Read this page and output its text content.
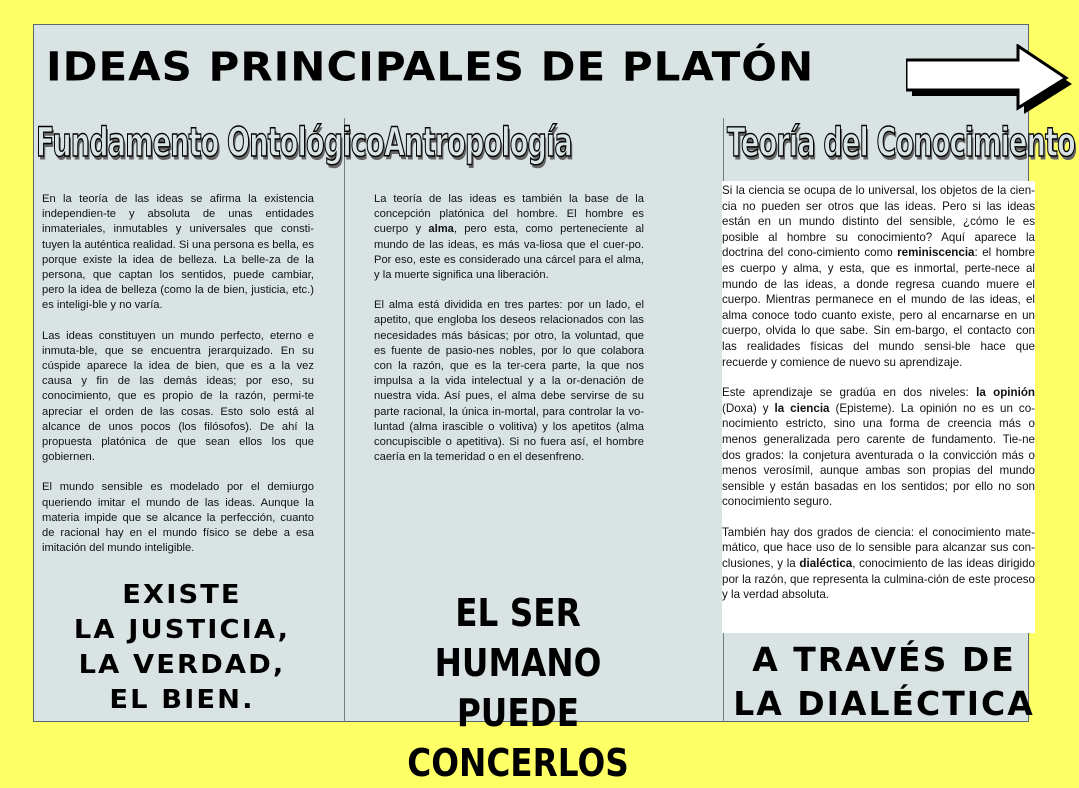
IDEAS PRINCIPALES DE PLATÓN
Fundamento Ontológico

En la teoría de las ideas se afirma la existencia independien-te y absoluta de unas entidades inmateriales, inmutables y universales que consti-tuyen la auténtica realidad. Si una persona es bella, es porque existe la idea de belleza. La belle-za de la persona, que captan los sentidos, puede cambiar, pero la idea de belleza (como la de bien, justicia, etc.) es inteligi-ble y no varía.

Las ideas constituyen un mundo perfecto, eterno e inmuta-ble, que se encuentra jerarquizado. En su cúspide aparece la idea de bien, que es a la vez causa y fin de las demás ideas; por eso, su conocimiento, que es propio de la razón, permi-te apreciar el orden de las cosas. Esto solo está al alcance de unos pocos (los filósofos). De ahí la propuesta platónica de que sean ellos los que gobiernen.

El mundo sensible es modelado por el demiurgo queriendo imitar el mundo de las ideas. Aunque la materia impide que se alcance la perfección, cuanto de racional hay en el mundo físico se debe a esa imitación del mundo inteligible.

EXISTE
LA JUSTICIA,
LA VERDAD,
EL BIEN.
Antropología

La teoría de las ideas es también la base de la concepción platónica del hombre. El hombre es cuerpo y alma, pero esta, como perteneciente al mundo de las ideas, es más va-liosa que el cuer-po. Por eso, este es considerado una cárcel para el alma, y la muerte significa una liberación.

El alma está dividida en tres partes: por un lado, el apetito, que engloba los deseos relacionados con las necesidades más básicas; por otro, la voluntad, que es fuente de pasio-nes nobles, por lo que colabora con la razón, que es la ter-cera parte, la que nos impulsa a la vida intelectual y a la or-denación de nuestra vida. Así pues, el alma debe servirse de su parte racional, la única in-mortal, para controlar la vo-luntad (alma irascible o volitiva) y los apetitos (alma concupiscible o apetitiva). Si no fuera así, el hombre caería en la temeridad o en el desenfreno.

EL SER HUMANO
PUEDE CONCERLOS
Teoría del Conocimiento

Si la ciencia se ocupa de lo universal, los objetos de la cien-cia no pueden ser otros que las ideas. Pero si las ideas están en un mundo distinto del sensible, ¿cómo le es posible al hombre su conocimiento? Aquí aparece la doctrina del cono-cimiento como reminiscencia: el hombre es cuerpo y alma, y esta, que es inmortal, perte-nece al mundo de las ideas, a donde regresa cuando muere el cuerpo. Mientras permanece en el mundo de las ideas, el alma conoce todo cuanto existe, pero al encarnarse en un cuerpo, olvida lo que sabe. Sin em-bargo, el contacto con las realidades físicas del mundo sensi-ble hace que recuerde y comience de nuevo su aprendizaje.

Este aprendizaje se gradúa en dos niveles: la opinión (Doxa) y la ciencia (Episteme). La opinión no es un co-nocimiento estricto, sino una forma de creencia más o menos generalizada pero carente de fundamento. Tie-ne dos grados: la conjetura aventurada o la convicción más o menos verosímil, aunque ambas son propias del mundo sensible y están basadas en los sentidos; por ello no son conocimiento seguro.

También hay dos grados de ciencia: el conocimiento mate-mático, que hace uso de lo sensible para alcanzar sus con-clusiones, y la dialéctica, conocimiento de las ideas dirigido por la razón, que representa la culmina-ción de este proceso y la verdad absoluta.

A TRAVÉS DE
LA DIALÉCTICA
